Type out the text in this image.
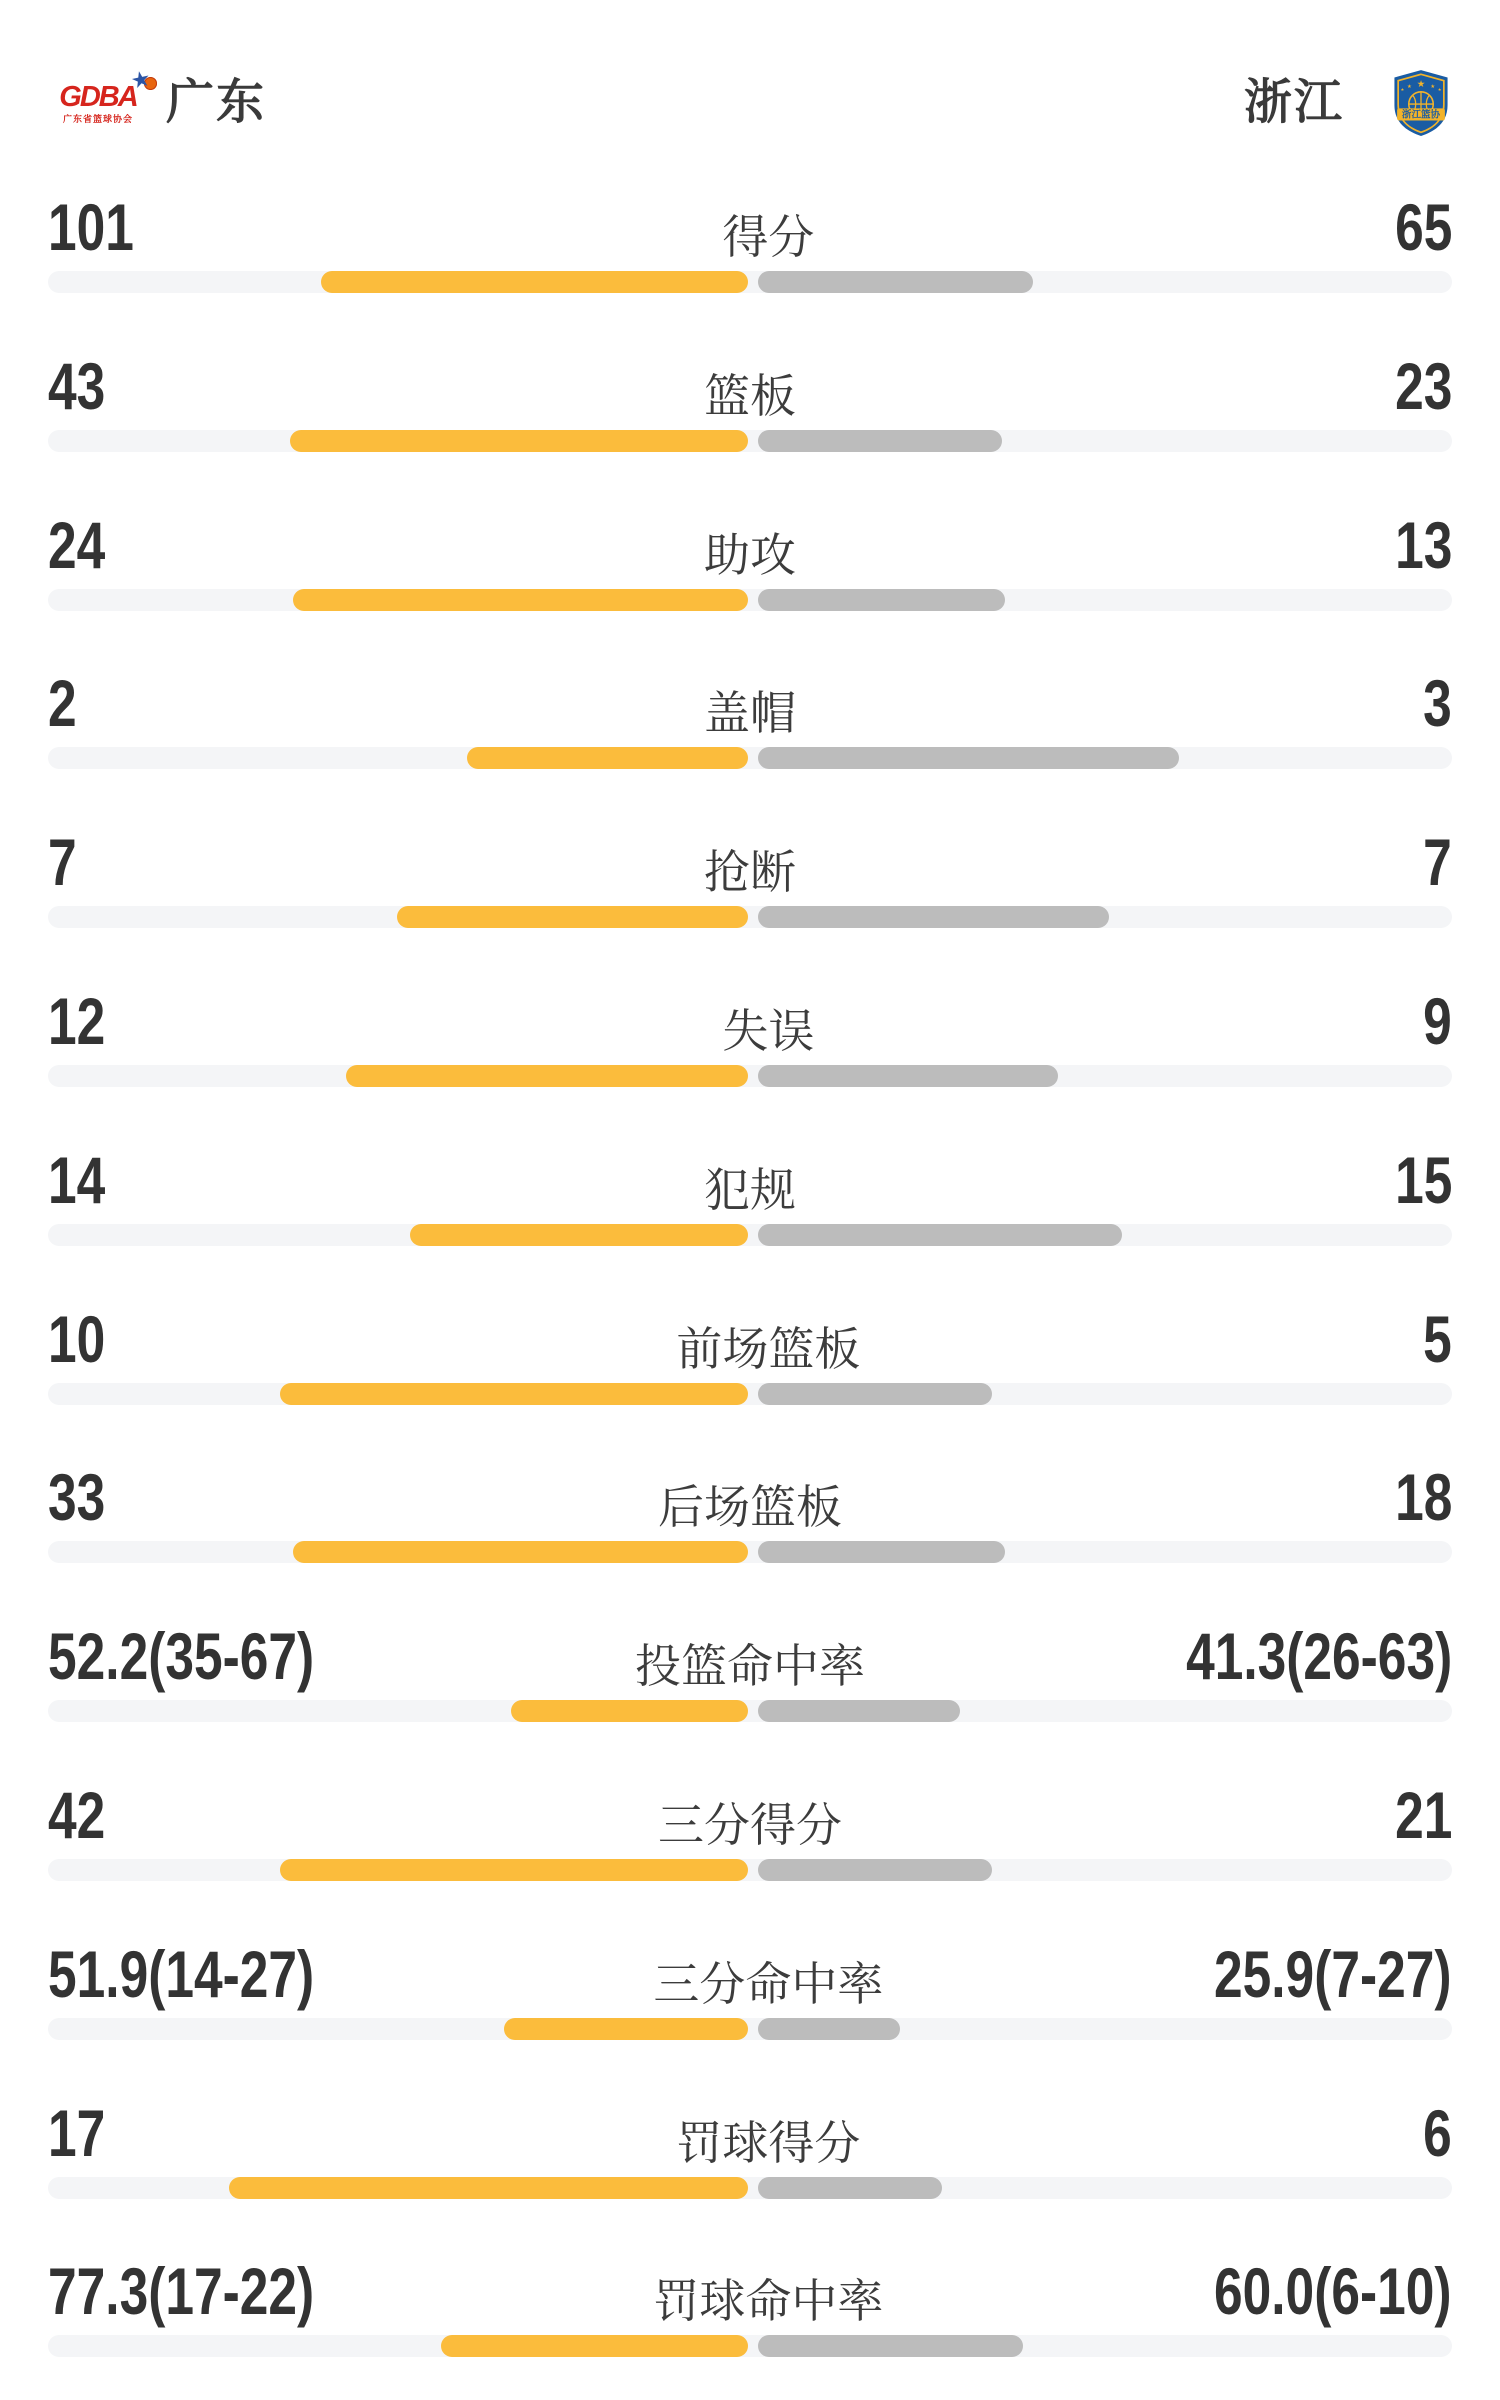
GDBA
★
广东省篮球协会 广东	浙江	★
★	★
★	★
浙江篮协
101	得分	65
43	篮板	23
24	助攻	13
2	盖帽	3
7	抢断	7
12	失误	9
14	犯规	15
10	前场篮板	5
33	后场篮板	18
52.2(35-67)	投篮命中率	41.3(26-63)
42	三分得分	21
51.9(14-27)	三分命中率	25.9(7-27)
17	罚球得分	6
77.3(17-22)	罚球命中率	60.0(6-10)
